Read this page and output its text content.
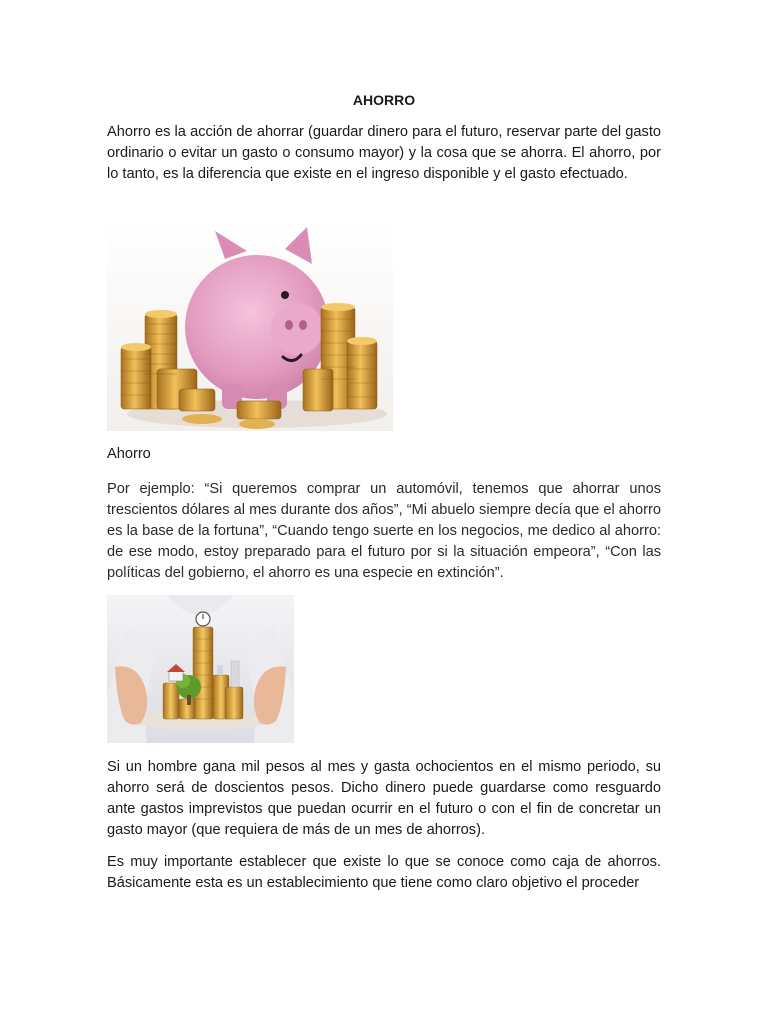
AHORRO

Ahorro es la acción de ahorrar (guardar dinero para el futuro, reservar parte del gasto ordinario o evitar un gasto o consumo mayor) y la cosa que se ahorra. El ahorro, por lo tanto, es la diferencia que existe en el ingreso disponible y el gasto efectuado.

Ahorro

Por ejemplo: “Si queremos comprar un automóvil, tenemos que ahorrar unos trescientos dólares al mes durante dos años”, “Mi abuelo siempre decía que el ahorro es la base de la fortuna”, “Cuando tengo suerte en los negocios, me dedico al ahorro: de ese modo, estoy preparado para el futuro por si la situación empeora”, “Con las políticas del gobierno, el ahorro es una especie en extinción”.

Si un hombre gana mil pesos al mes y gasta ochocientos en el mismo periodo, su ahorro será de doscientos pesos. Dicho dinero puede guardarse como resguardo ante gastos imprevistos que puedan ocurrir en el futuro o con el fin de concretar un gasto mayor (que requiera de más de un mes de ahorros).

Es muy importante establecer que existe lo que se conoce como caja de ahorros. Básicamente esta es un establecimiento que tiene como claro objetivo el proceder
